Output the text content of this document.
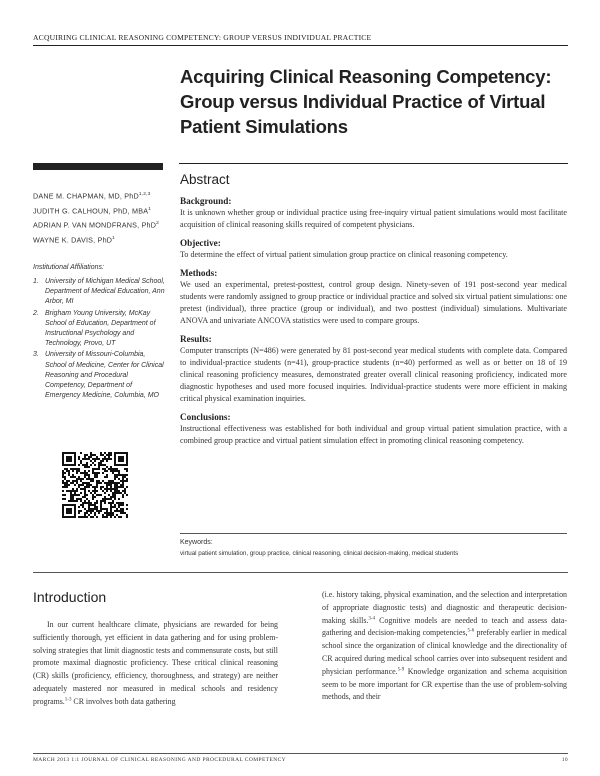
ACQUIRING CLINICAL REASONING COMPETENCY: GROUP VERSUS INDIVIDUAL PRACTICE
Acquiring Clinical Reasoning Competency: Group versus Individual Practice of Virtual Patient Simulations
DANE M. CHAPMAN, MD, PhD$^{1,2,3}$
JUDITH G. CALHOUN, PhD, MBA$^1$
ADRIAN P. VAN MONDFRANS, PhD$^2$
WAYNE K. DAVIS, PhD$^1$
Institutional Affiliations:
1. University of Michigan Medical School, Department of Medical Education, Ann Arbor, MI
2. Brigham Young University, McKay School of Education, Department of Instructional Psychology and Technology, Provo, UT
3. University of Missouri-Columbia, School of Medicine, Center for Clinical Reasoning and Procedural Competency, Department of Emergency Medicine, Columbia, MO
Abstract
Background:

It is unknown whether group or individual practice using free-inquiry virtual patient simulations would most facilitate acquisition of clinical reasoning skills required of competent physicians.

Objective:

To determine the effect of virtual patient simulation group practice on clinical reasoning competency.

Methods:

We used an experimental, pretest-posttest, control group design. Ninety-seven of 191 post-second year medical students were randomly assigned to group practice or individual practice and solved six virtual patient simulations: one pretest (individual), three practice (group or individual), and two posttest (individual) simulations. Multivariate ANOVA and univariate ANCOVA statistics were used to compare groups.

Results:

Computer transcripts (N=486) were generated by 81 post-second year medical students with complete data. Compared to individual-practice students (n=41), group-practice students (n=40) performed as well as or better on 18 of 19 clinical reasoning proficiency measures, demonstrated greater overall clinical reasoning proficiency, indicated more diagnostic hypotheses and used more focused inquiries. Individual-practice students were more efficient in making critical physical examination inquiries.

Conclusions:

Instructional effectiveness was established for both individual and group virtual patient simulation practice, with a combined group practice and virtual patient simulation effect in promoting clinical reasoning competency.

Keywords:
virtual patient simulation, group practice, clinical reasoning, clinical decision-making, medical students
Introduction

In our current healthcare climate, physicians are rewarded for being sufficiently thorough, yet efficient in data gathering and for using problem-solving strategies that limit diagnostic tests and commensurate costs, but still promote maximal diagnostic proficiency. These critical clinical reasoning (CR) skills (proficiency, efficiency, thoroughness, and strategy) are neither adequately mastered nor measured in medical schools and residency programs.$^{1-3}$ CR involves both data gathering

(i.e. history taking, physical examination, and the selection and interpretation of appropriate diagnostic tests) and diagnostic and therapeutic decision-making skills.$^{3-4}$ Cognitive models are needed to teach and assess data-gathering and decision-making competencies,$^{5-6}$ preferably earlier in medical school since the organization of clinical knowledge and the directionality of CR acquired during medical school carries over into subsequent resident and physician performance.$^{5-9}$ Knowledge organization and schema acquisition seem to be more important for CR expertise than the use of problem-solving methods, and their

MARCH 2013 1:1 JOURNAL OF CLINICAL REASONING AND PROCEDURAL COMPETENCY	10
